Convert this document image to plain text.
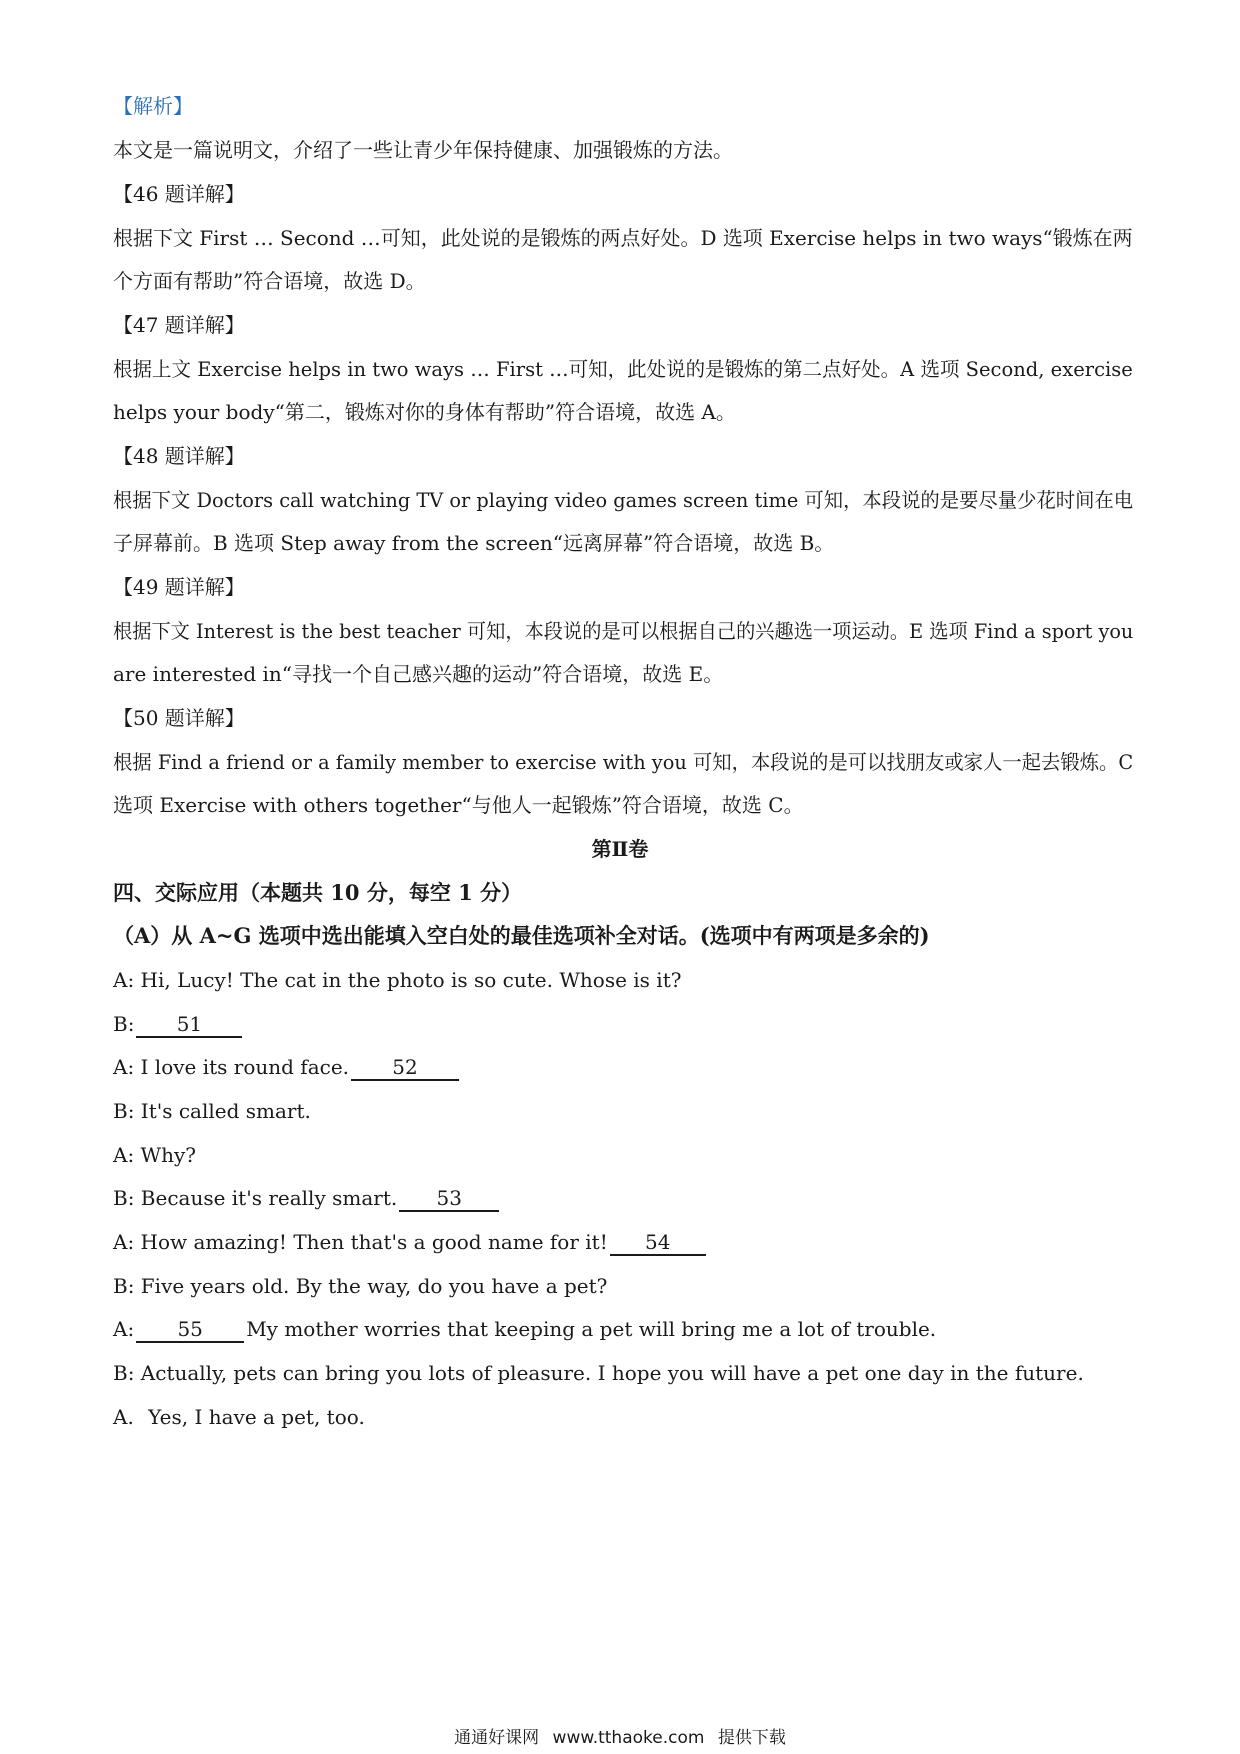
【解析】
本文是一篇说明文，介绍了一些让青少年保持健康、加强锻炼的方法。
【46 题详解】
根据下文 First … Second …可知，此处说的是锻炼的两点好处。D 选项 Exercise helps in two ways“锻炼在两
个方面有帮助”符合语境，故选 D。
【47 题详解】
根据上文 Exercise helps in two ways … First …可知，此处说的是锻炼的第二点好处。A 选项 Second, exercise
helps your body“第二，锻炼对你的身体有帮助”符合语境，故选 A。
【48 题详解】
根据下文 Doctors call watching TV or playing video games screen time 可知，本段说的是要尽量少花时间在电
子屏幕前。B 选项 Step away from the screen“远离屏幕”符合语境，故选 B。
【49 题详解】
根据下文 Interest is the best teacher 可知，本段说的是可以根据自己的兴趣选一项运动。E 选项 Find a sport you
are interested in“寻找一个自己感兴趣的运动”符合语境，故选 E。
【50 题详解】
根据 Find a friend or a family member to exercise with you 可知，本段说的是可以找朋友或家人一起去锻炼。C
选项 Exercise with others together“与他人一起锻炼”符合语境，故选 C。
第Ⅱ卷
四、交际应用（本题共 10 分，每空 1 分）
（A）从 A~G 选项中选出能填入空白处的最佳选项补全对话。(选项中有两项是多余的)
A: Hi, Lucy! The cat in the photo is so cute. Whose is it?
B: 51
A: I love its round face. 52
B: It's called smart.
A: Why?
B: Because it's really smart. 53
A: How amazing! Then that's a good name for it! 54
B: Five years old. By the way, do you have a pet?
A: 55 My mother worries that keeping a pet will bring me a lot of trouble.
B: Actually, pets can bring you lots of pleasure. I hope you will have a pet one day in the future.
A. Yes, I have a pet, too.
通通好课网 www.tthaoke.com 提供下载
